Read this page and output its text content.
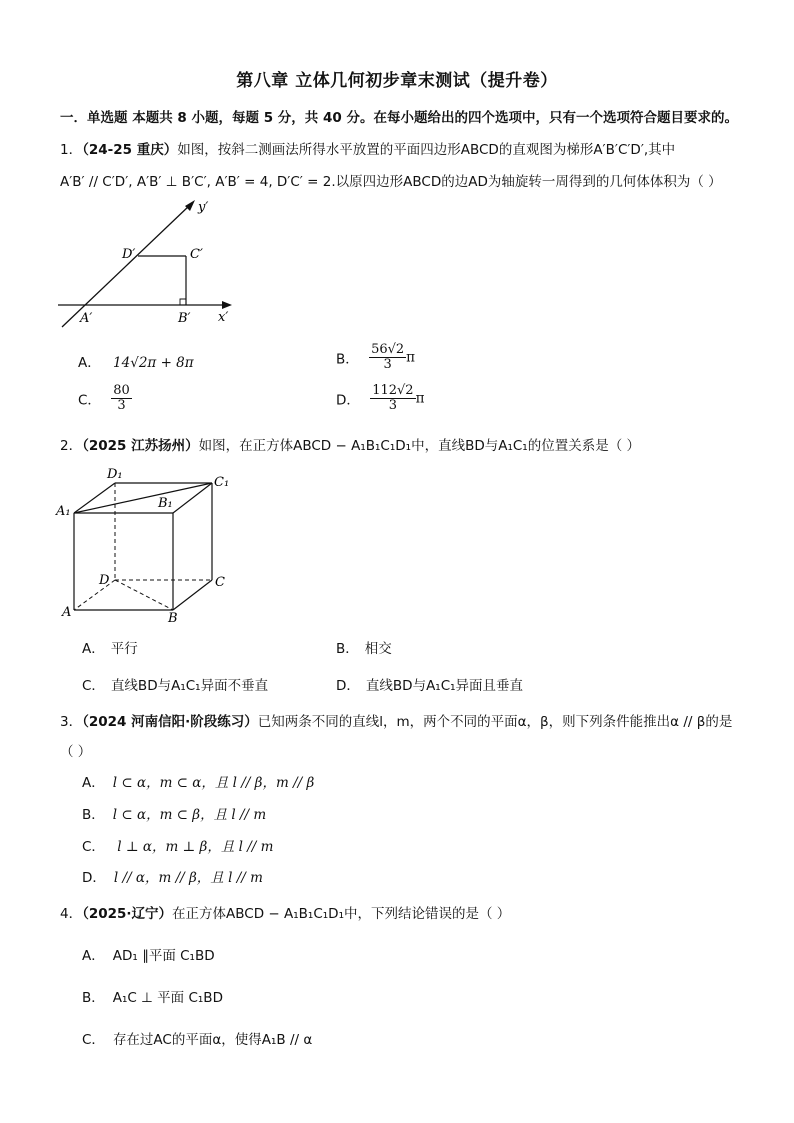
第八章 立体几何初步章末测试（提升卷）
一．单选题 本题共 8 小题，每题 5 分，共 40 分。在每小题给出的四个选项中，只有一个选项符合题目要求的。
1．（24-25 重庆）如图，按斜二测画法所得水平放置的平面四边形ABCD的直观图为梯形A′B′C′D′,其中
A′B′ // C′D′, A′B′ ⊥ B′C′, A′B′ = 4, D′C′ = 2.以原四边形ABCD的边AD为轴旋转一周得到的几何体体积为（ ）
y′
x′
D′	C′
A′	B′
A． 14√2π + 8π	B． $\frac{56√2}{3}$ π
C． $\frac{80}{3}$	D． $\frac{112√2}{3}$ π
2．（2025 江苏扬州）如图，在正方体ABCD − A₁B₁C₁D₁中，直线BD与A₁C₁的位置关系是（ ）
D₁
C₁
A₁
B₁
D	C
A	B
A． 平行	B． 相交
C． 直线BD与A₁C₁异面不垂直	D． 直线BD与A₁C₁异面且垂直
3．（2024 河南信阳·阶段练习）已知两条不同的直线l，m，两个不同的平面α，β，则下列条件能推出α // β的是
（ ）
A． l ⊂ α，m ⊂ α，且 l // β，m // β
B． l ⊂ α，m ⊂ β，且 l // m
C． l ⊥ α，m ⊥ β，且 l // m
D． l // α，m // β，且 l // m
4．（2025·辽宁）在正方体ABCD − A₁B₁C₁D₁中，下列结论错误的是（ ）
A． AD₁ ∥平面 C₁BD
B． A₁C ⊥ 平面 C₁BD
C． 存在过AC的平面α，使得A₁B // α
